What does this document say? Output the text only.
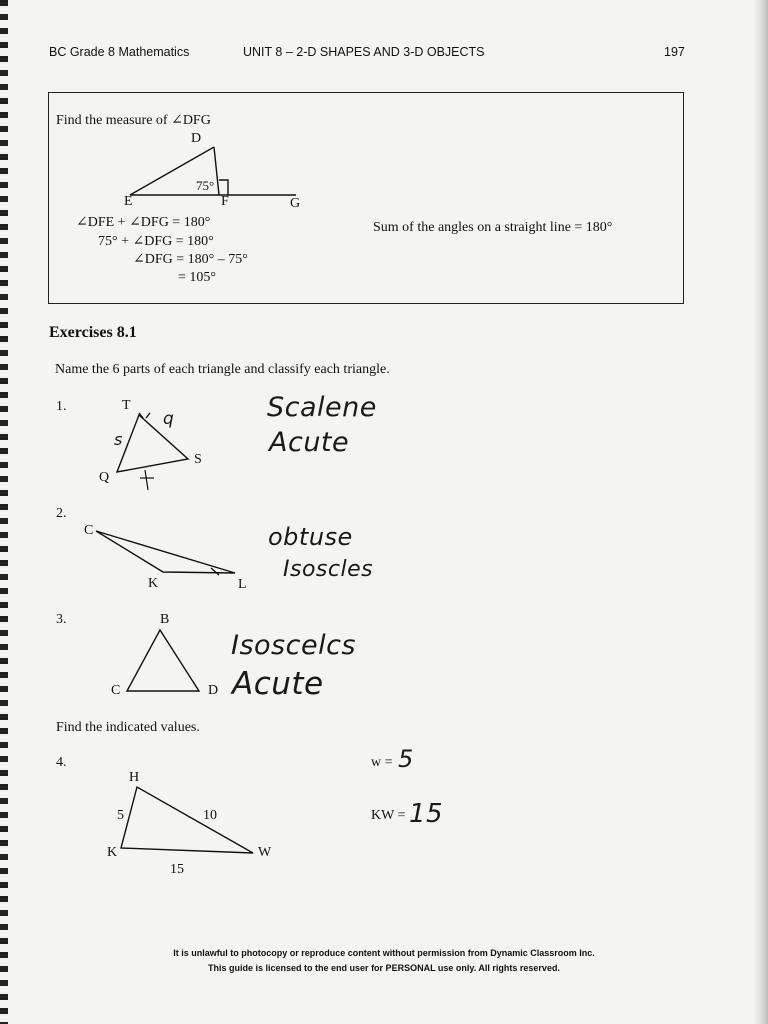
BC Grade 8 Mathematics	UNIT 8 – 2-D SHAPES AND 3-D OBJECTS	197
Find the measure of ∠DFG
D
75°
E	F	G
∠DFE + ∠DFG = 180°
75° + ∠DFG = 180°
∠DFG = 180° – 75°
= 105°
Sum of the angles on a straight line = 180°
Exercises 8.1
Name the 6 parts of each triangle and classify each triangle.
1.	T
S
Q
q
s
Scalene
Acute
2.
C
K	L
obtuse
Isoscles
3.	B
C	D
Isoscelcs
Acute
Find the indicated values.
4.
H
K	W
5	10
15
w = 5
KW = 15
It is unlawful to photocopy or reproduce content without permission from Dynamic Classroom Inc.
This guide is licensed to the end user for PERSONAL use only. All rights reserved.
